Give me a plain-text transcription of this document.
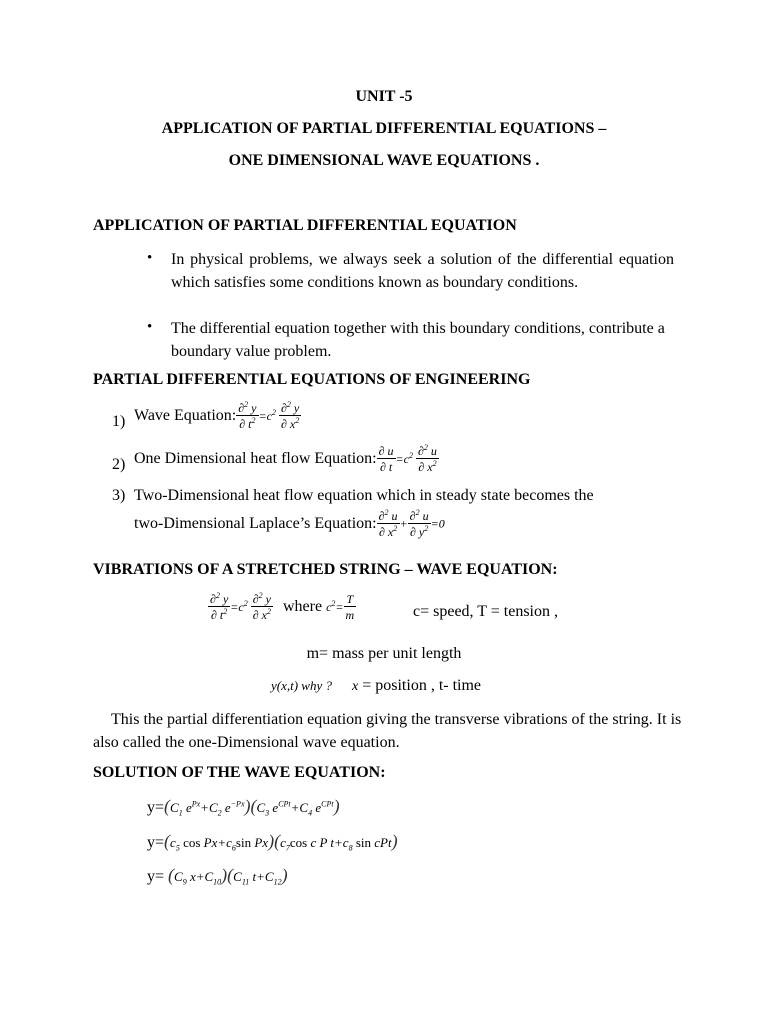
UNIT -5
APPLICATION OF PARTIAL DIFFERENTIAL EQUATIONS –
ONE DIMENSIONAL WAVE EQUATIONS .
APPLICATION OF PARTIAL DIFFERENTIAL EQUATION
• In physical problems, we always seek a solution of the differential equation which satisfies some conditions known as boundary conditions.
• The differential equation together with this boundary conditions, contribute a boundary value problem.
PARTIAL DIFFERENTIAL EQUATIONS OF ENGINEERING
1) Wave Equation: $\frac{\partial^2 y}{\partial t^2} =c^2 \frac{\partial^2 y}{\partial x^2}$
2) One Dimensional heat flow Equation: $\frac{\partial u}{\partial t} =c^2 \frac{\partial^2 u}{\partial x^2}$
3) Two-Dimensional heat flow equation which in steady state becomes the
two-Dimensional Laplace’s Equation: $\frac{\partial^2 u}{\partial x^2} + \frac{\partial^2 u}{\partial y^2} =0$
VIBRATIONS OF A STRETCHED STRING – WAVE EQUATION:
$\frac{\partial^2 y}{\partial t^2} =c^2 \frac{\partial^2 y}{\partial x^2}$ where $c^2= \frac{T}{m}$	c= speed, T = tension ,
m= mass per unit length
y(x,t) why ? x = position , t- time
This the partial differentiation equation giving the transverse vibrations of the string. It is also called the one-Dimensional wave equation.
SOLUTION OF THE WAVE EQUATION:
$y=(C_1$ $e^{Px}+C_2$ $e^{-Px})(C_3$ $e^{CPt}+C_4$ $e^{CPt}$)
$y=(c_5$ $\cos Px+c_6\sin$ $Px)(c_7\cos$ c P $t+c_8$ sin cPt)
$y= (C_9$ $x+C_{10})(C_{11}$ $t+C_{12}$)
